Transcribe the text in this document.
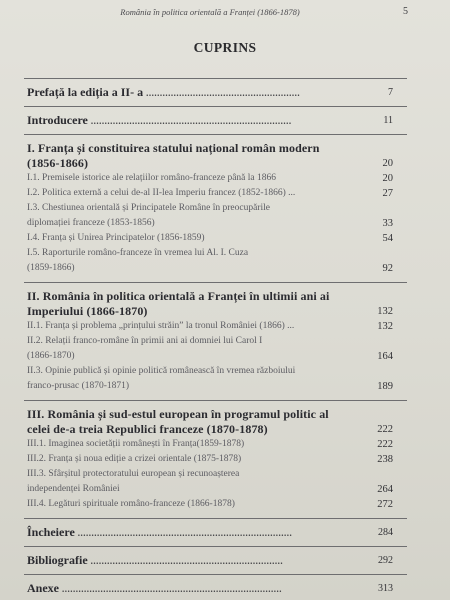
România în politica orientală a Franței (1866-1878)	5
CUPRINS
Prefață la ediția a II- a ........................................................	7
Introducere .........................................................................	11
I. Franța și constituirea statului național român modern
(1856-1866)	20
I.1. Premisele istorice ale relațiilor româno-franceze până la 1866	20
I.2. Politica externă a celui de-al II-lea Imperiu francez (1852-1866) ...	27
I.3. Chestiunea orientală și Principatele Române în preocupările
diplomației franceze (1853-1856)	33
I.4. Franța și Unirea Principatelor (1856-1859)	54
I.5. Raporturile româno-franceze în vremea lui Al. I. Cuza
(1859-1866)	92
II. România în politica orientală a Franței în ultimii ani ai
Imperiului (1866-1870)	132
II.1. Franța și problema „prințului străin” la tronul României (1866) ...	132
II.2. Relații franco-române în primii ani ai domniei lui Carol I
(1866-1870)	164
II.3. Opinie publică și opinie politică românească în vremea războiului
franco-prusac (1870-1871)	189
III. România și sud-estul european în programul politic al
celei de-a treia Republici franceze (1870-1878)	222
III.1. Imaginea societății românești în Franța(1859-1878)	222
III.2. Franța și noua ediție a crizei orientale (1875-1878)	238
III.3. Sfârșitul protectoratului european și recunoașterea
independenței României	264
III.4. Legături spirituale româno-franceze (1866-1878)	272
Încheiere ..............................................................................	284
Bibliografie ......................................................................	292
Anexe ................................................................................	313
